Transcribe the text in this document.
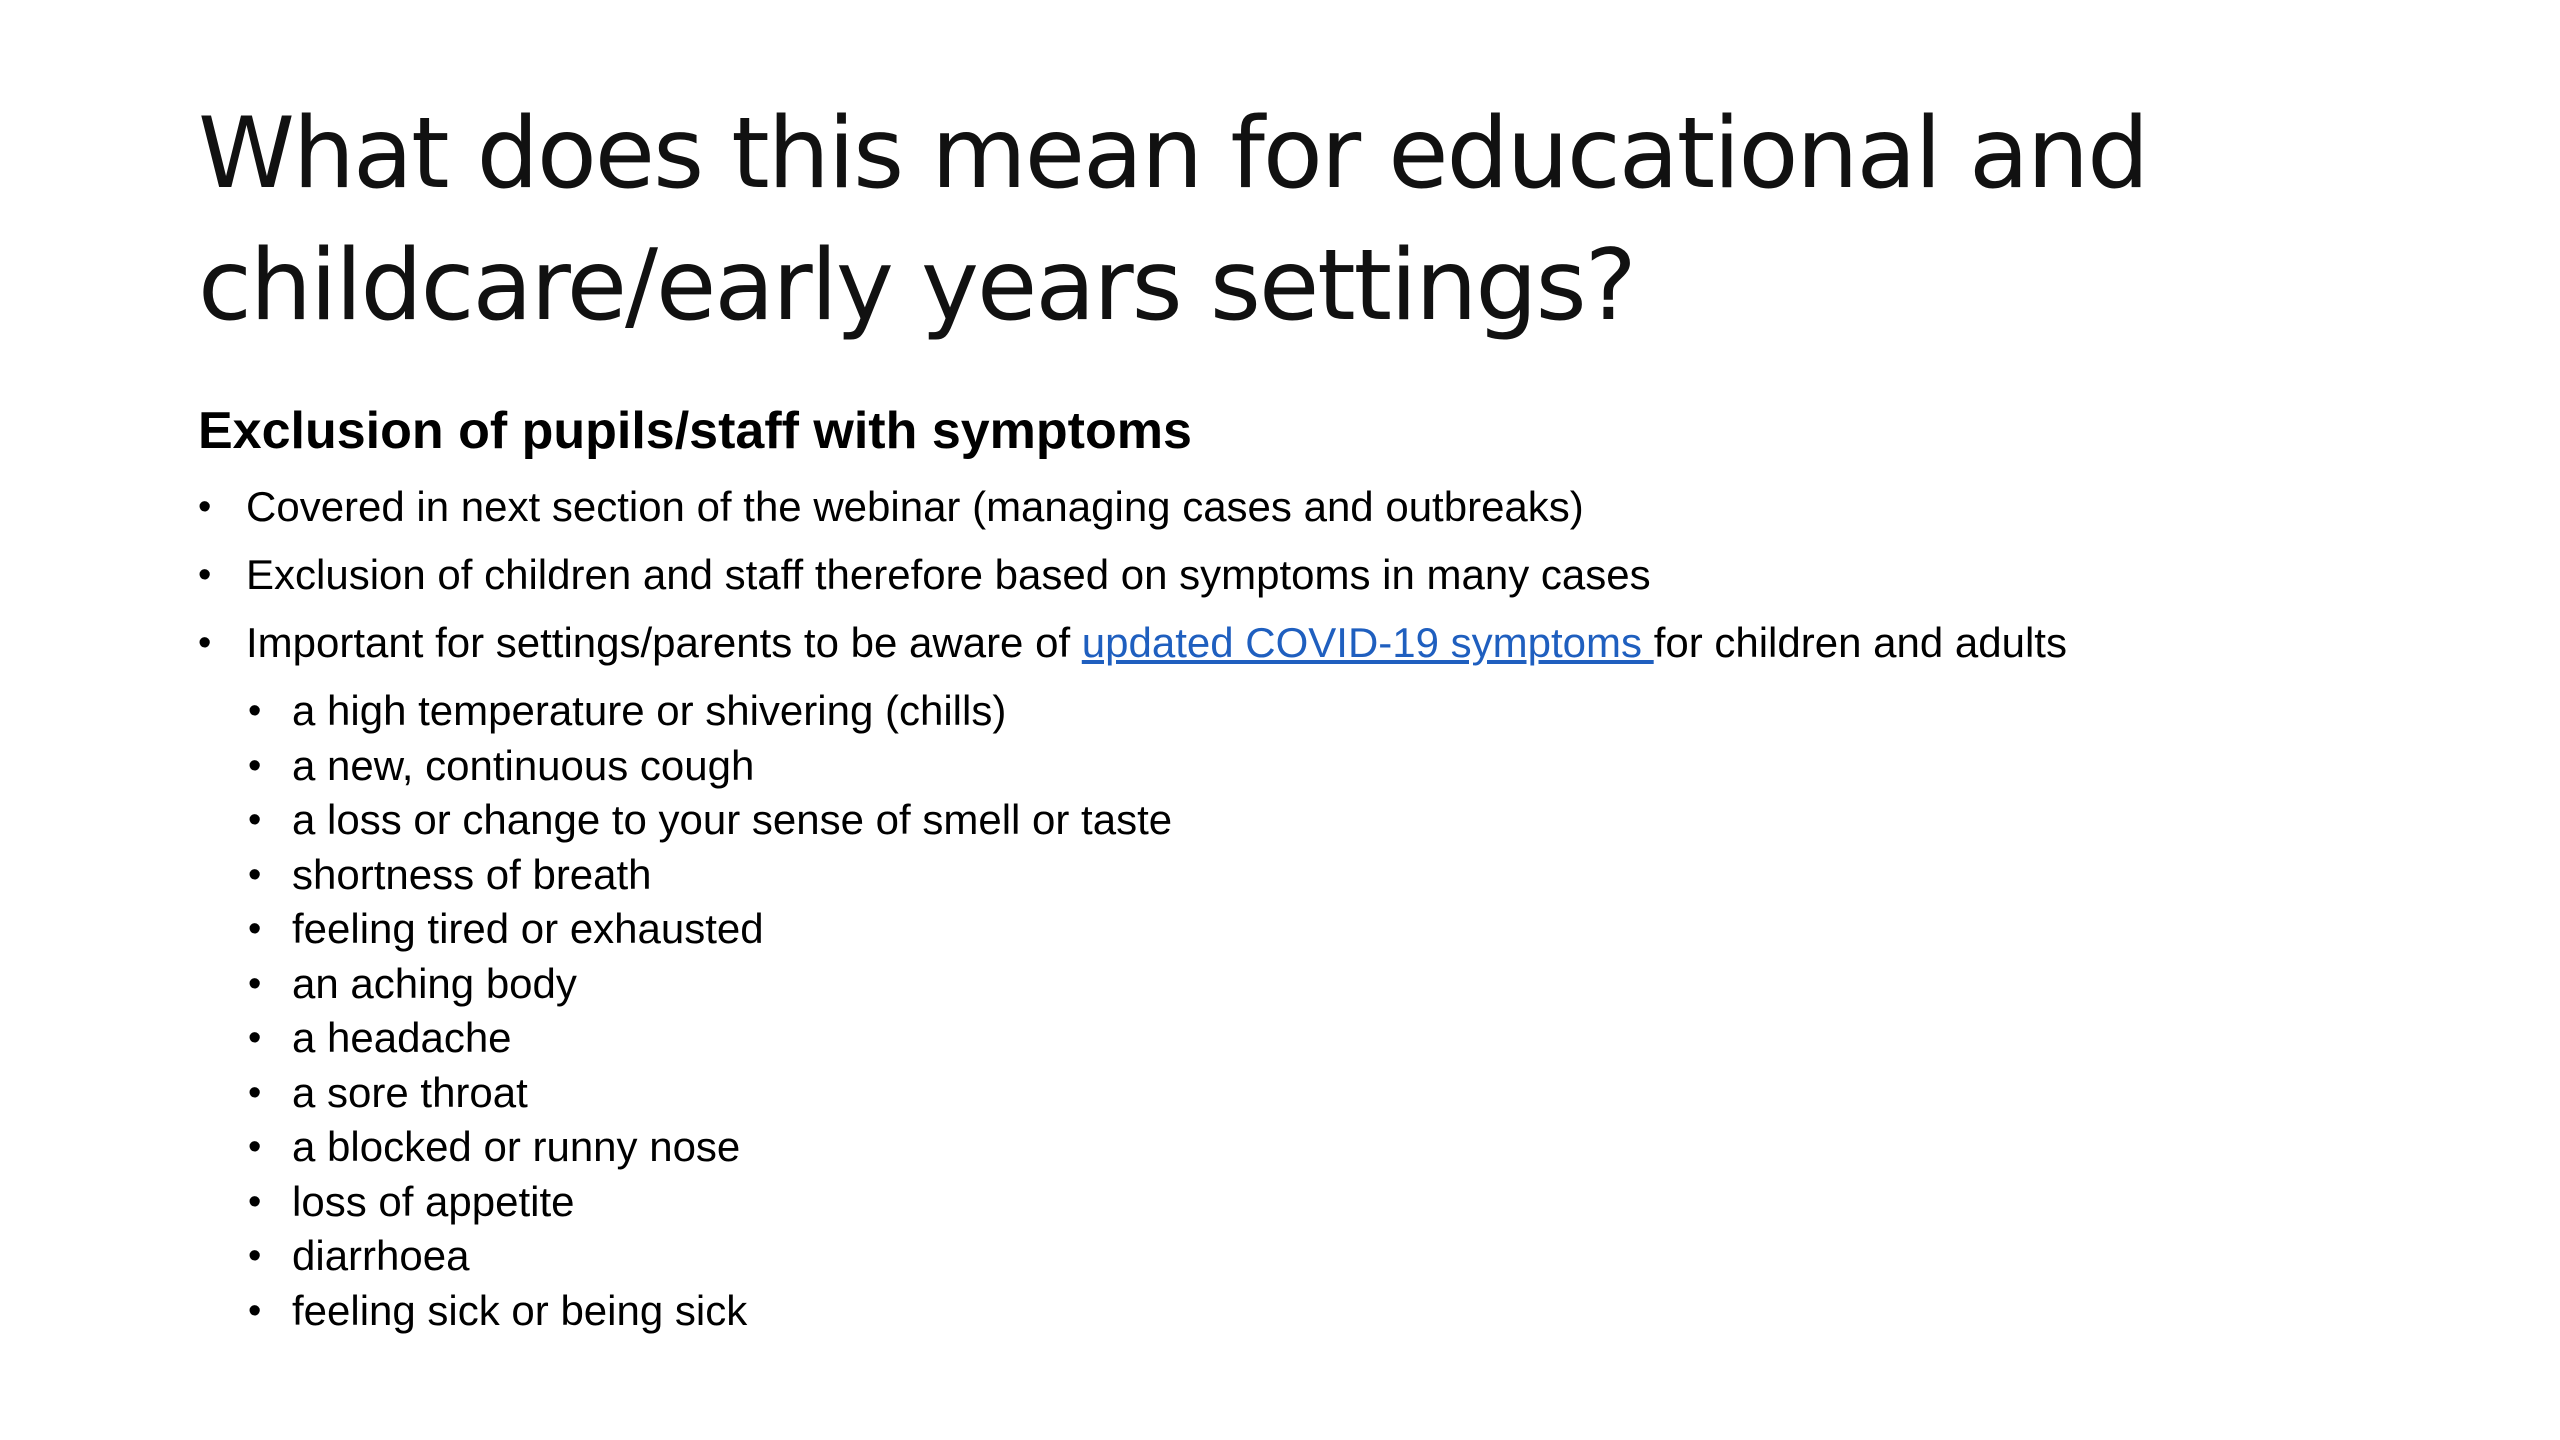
What does this mean for educational and
childcare/early years settings?
Exclusion of pupils/staff with symptoms
• Covered in next section of the webinar (managing cases and outbreaks)
• Exclusion of children and staff therefore based on symptoms in many cases
• Important for settings/parents to be aware of updated COVID-19 symptoms for children and adults
• a high temperature or shivering (chills)
• a new, continuous cough
• a loss or change to your sense of smell or taste
• shortness of breath
• feeling tired or exhausted
• an aching body
• a headache
• a sore throat
• a blocked or runny nose
• loss of appetite
• diarrhoea
• feeling sick or being sick
